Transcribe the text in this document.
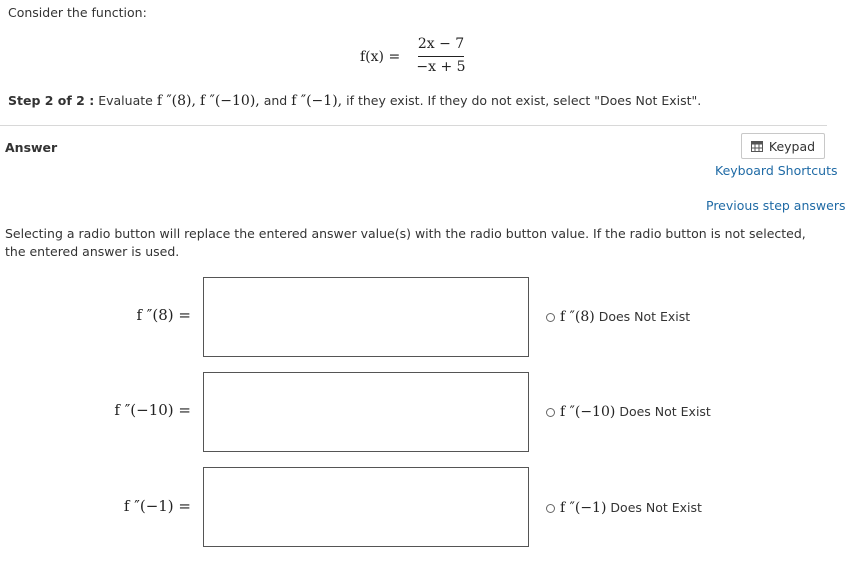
Consider the function:
f(x) =
2x − 7
−x + 5
Step 2 of 2 : Evaluate f ″(8), f ″(−10), and f ″(−1), if they exist. If they do not exist, select "Does Not Exist".
Answer	Keypad
Keyboard Shortcuts
Previous step answers
Selecting a radio button will replace the entered answer value(s) with the radio button value. If the radio button is not selected, the entered answer is used.
f ″(8) =	f ″(8) Does Not Exist
f ″(−10) =	f ″(−10) Does Not Exist
f ″(−1) =	f ″(−1) Does Not Exist
